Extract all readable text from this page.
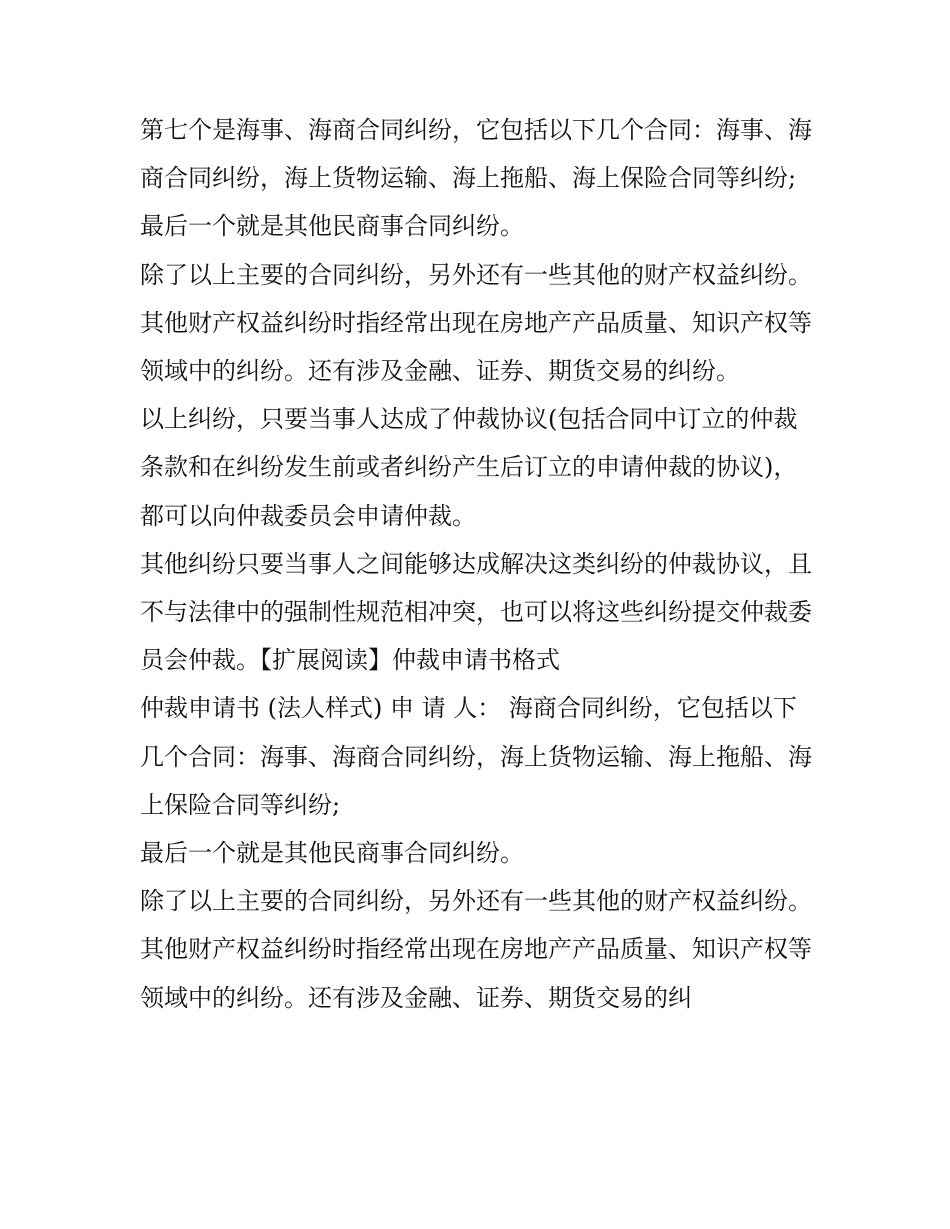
第七个是海事、海商合同纠纷，它包括以下几个合同：海事、海商合同纠纷，海上货物运输、海上拖船、海上保险合同等纠纷; 最后一个就是其他民商事合同纠纷。

除了以上主要的合同纠纷，另外还有一些其他的财产权益纠纷。其他财产权益纠纷时指经常出现在房地产产品质量、知识产权等领域中的纠纷。还有涉及金融、证券、期货交易的纠纷。

以上纠纷，只要当事人达成了仲裁协议(包括合同中订立的仲裁条款和在纠纷发生前或者纠纷产生后订立的申请仲裁的协议)，都可以向仲裁委员会申请仲裁。

其他纠纷只要当事人之间能够达成解决这类纠纷的仲裁协议，且不与法律中的强制性规范相冲突，也可以将这些纠纷提交仲裁委员会仲裁。【扩展阅读】仲裁申请书格式

仲裁申请书 (法人样式) 申 请 人： 海商合同纠纷，它包括以下几个合同：海事、海商合同纠纷，海上货物运输、海上拖船、海上保险合同等纠纷;

最后一个就是其他民商事合同纠纷。

除了以上主要的合同纠纷，另外还有一些其他的财产权益纠纷。其他财产权益纠纷时指经常出现在房地产产品质量、知识产权等领域中的纠纷。还有涉及金融、证券、期货交易的纠
